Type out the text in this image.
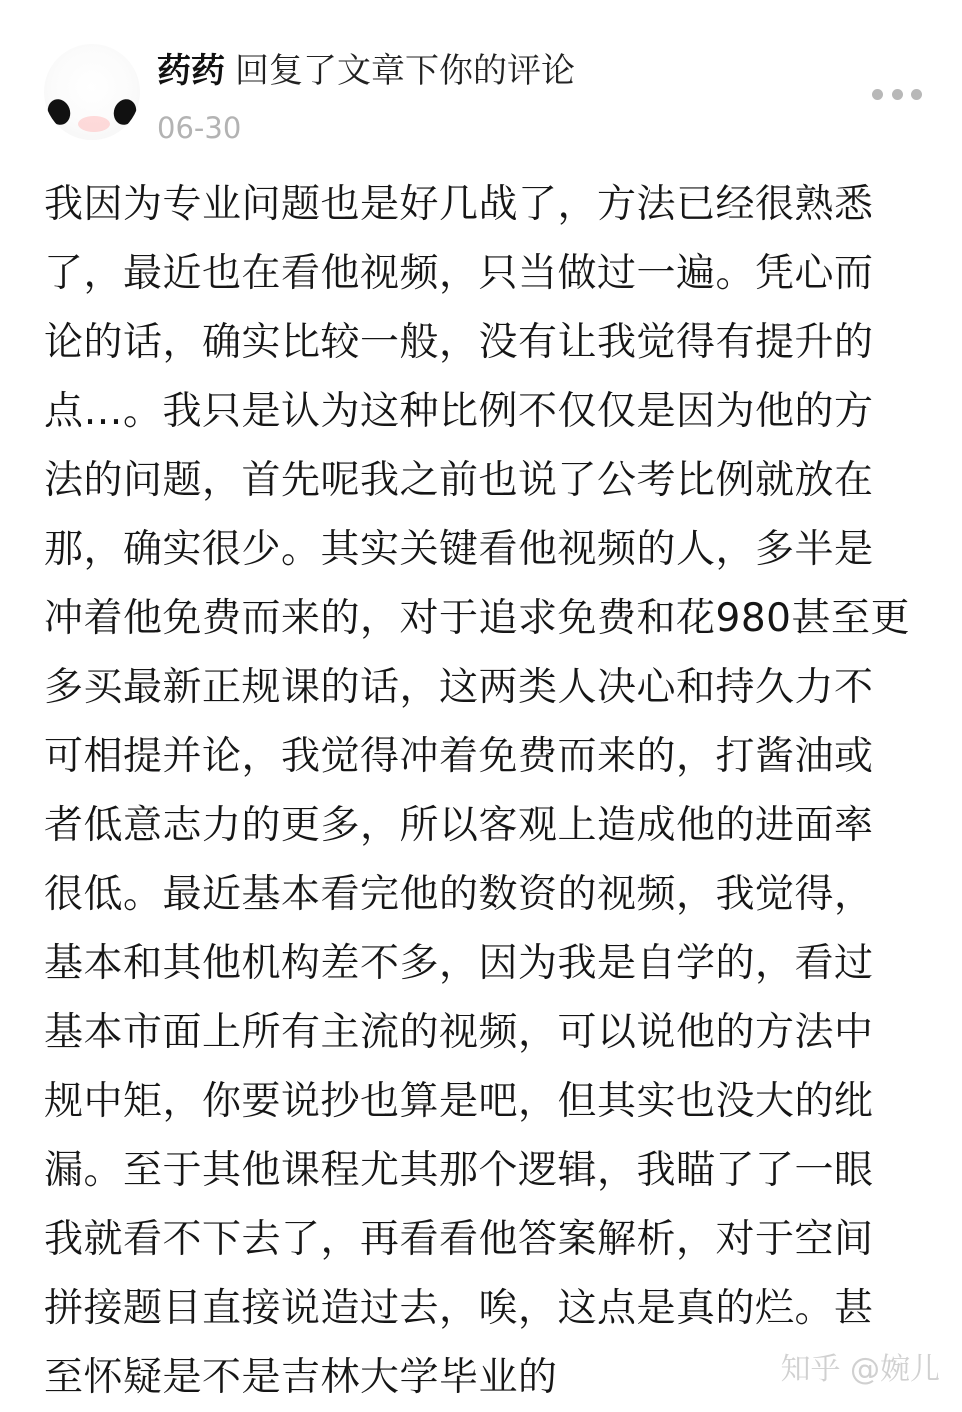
药药 回复了文章下你的评论
06-30
我因为专业问题也是好几战了，方法已经很熟悉
了，最近也在看他视频，只当做过一遍。凭心而
论的话，确实比较一般，没有让我觉得有提升的
点…。我只是认为这种比例不仅仅是因为他的方
法的问题，首先呢我之前也说了公考比例就放在
那，确实很少。其实关键看他视频的人，多半是
冲着他免费而来的，对于追求免费和花980甚至更
多买最新正规课的话，这两类人决心和持久力不
可相提并论，我觉得冲着免费而来的，打酱油或
者低意志力的更多，所以客观上造成他的进面率
很低。最近基本看完他的数资的视频，我觉得，
基本和其他机构差不多，因为我是自学的，看过
基本市面上所有主流的视频，可以说他的方法中
规中矩，你要说抄也算是吧，但其实也没大的纰
漏。至于其他课程尤其那个逻辑，我瞄了了一眼
我就看不下去了，再看看他答案解析，对于空间
拼接题目直接说造过去，唉，这点是真的烂。甚
至怀疑是不是吉林大学毕业的	知乎 @婉儿
